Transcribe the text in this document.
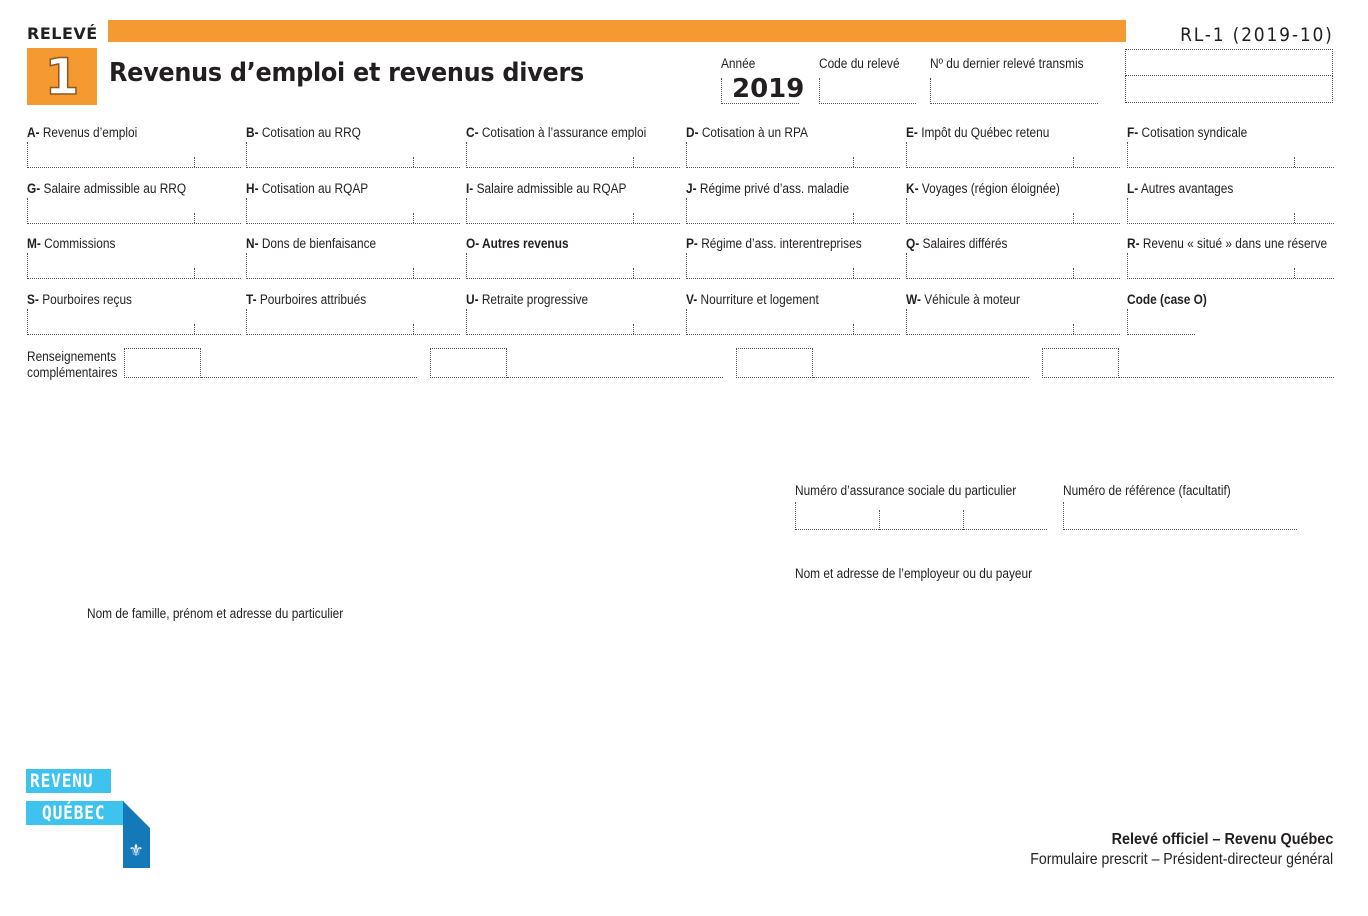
RELEVÉ
1 Revenus d’emploi et revenus divers
RL-1 (2019-10)
Année
2019
Code du relevé Nº du dernier relevé transmis
A- Revenus d’emploi	B- Cotisation au RRQ	C- Cotisation à l’assurance emploi	D- Cotisation à un RPA	E- Impôt du Québec retenu	F- Cotisation syndicale
G- Salaire admissible au RRQ	H- Cotisation au RQAP	I- Salaire admissible au RQAP	J- Régime privé d’ass. maladie	K- Voyages (région éloignée)	L- Autres avantages
M- Commissions	N- Dons de bienfaisance	O- Autres revenus	P- Régime d’ass. interentreprises	Q- Salaires différés	R- Revenu « situé » dans une réserve
S- Pourboires reçus	T- Pourboires attribués	U- Retraite progressive	V- Nourriture et logement	W- Véhicule à moteur	Code (case O)
Renseignements
complémentaires
Numéro d’assurance sociale du particulier	Numéro de référence (facultatif)
Nom et adresse de l’employeur ou du payeur
Nom de famille, prénom et adresse du particulier
REVENU
QUÉBEC
⚜
Relevé officiel – Revenu Québec
Formulaire prescrit – Président-directeur général
